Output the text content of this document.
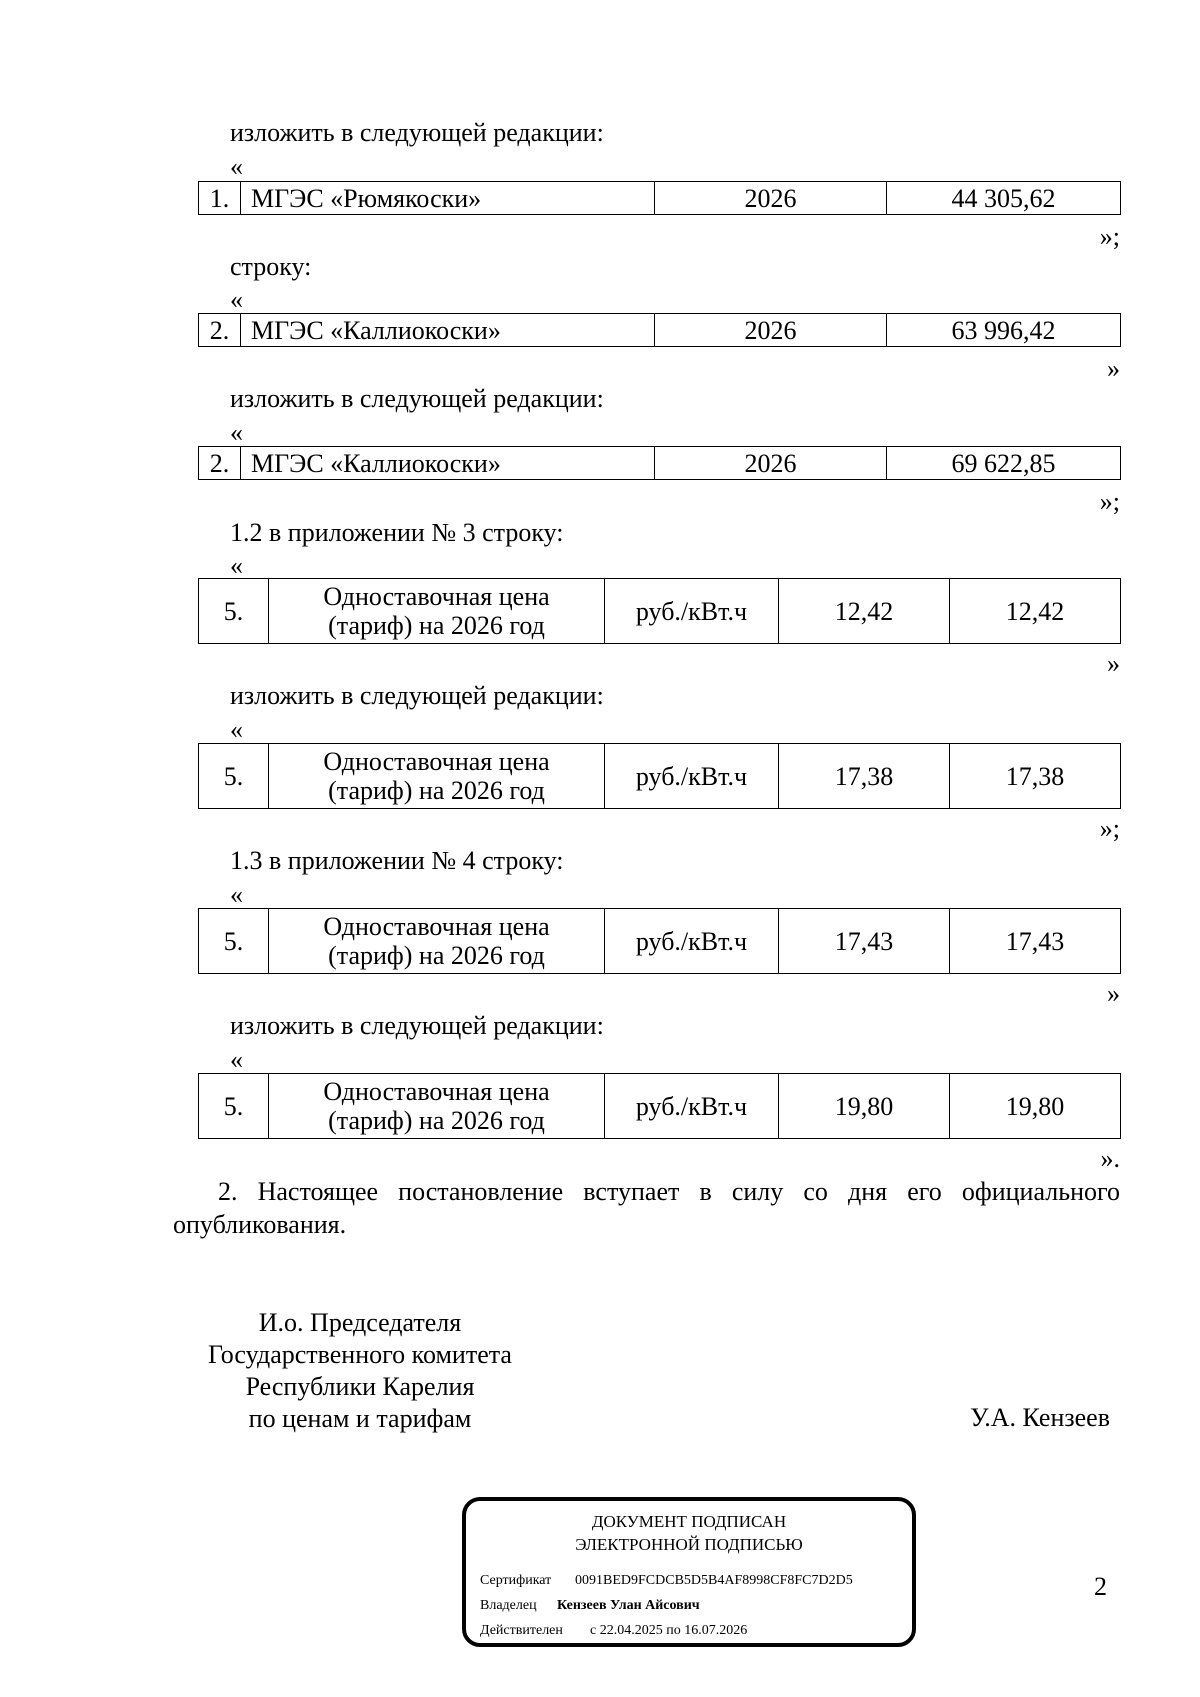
изложить в следующей редакции:
«
1.	МГЭС «Рюмякоски»	2026	44 305,62
»;
строку:
«
2.	МГЭС «Каллиокоски»	2026	63 996,42
»
изложить в следующей редакции:
«
2.	МГЭС «Каллиокоски»	2026	69 622,85
»;
1.2 в приложении № 3 строку:
«
5.	Одноставочная цена
(тариф) на 2026 год	руб./кВт.ч	12,42	12,42
»
изложить в следующей редакции:
«
5.	Одноставочная цена
(тариф) на 2026 год	руб./кВт.ч	17,38	17,38
»;
1.3 в приложении № 4 строку:
«
5.	Одноставочная цена
(тариф) на 2026 год	руб./кВт.ч	17,43	17,43
»
изложить в следующей редакции:
«
5.	Одноставочная цена
(тариф) на 2026 год	руб./кВт.ч	19,80	19,80
».
2. Настоящее постановление вступает в силу со дня его официального опубликования.
И.о. Председателя
Государственного комитета
Республики Карелия
по ценам и тарифам	У.А. Кензеев
ДОКУМЕНТ ПОДПИСАН
ЭЛЕКТРОННОЙ ПОДПИСЬЮ
Сертификат 0091BED9FCDCB5D5B4AF8998CF8FC7D2D5
Владелец Кензеев Улан Айсович
Действителен с 22.04.2025 по 16.07.2026
2
